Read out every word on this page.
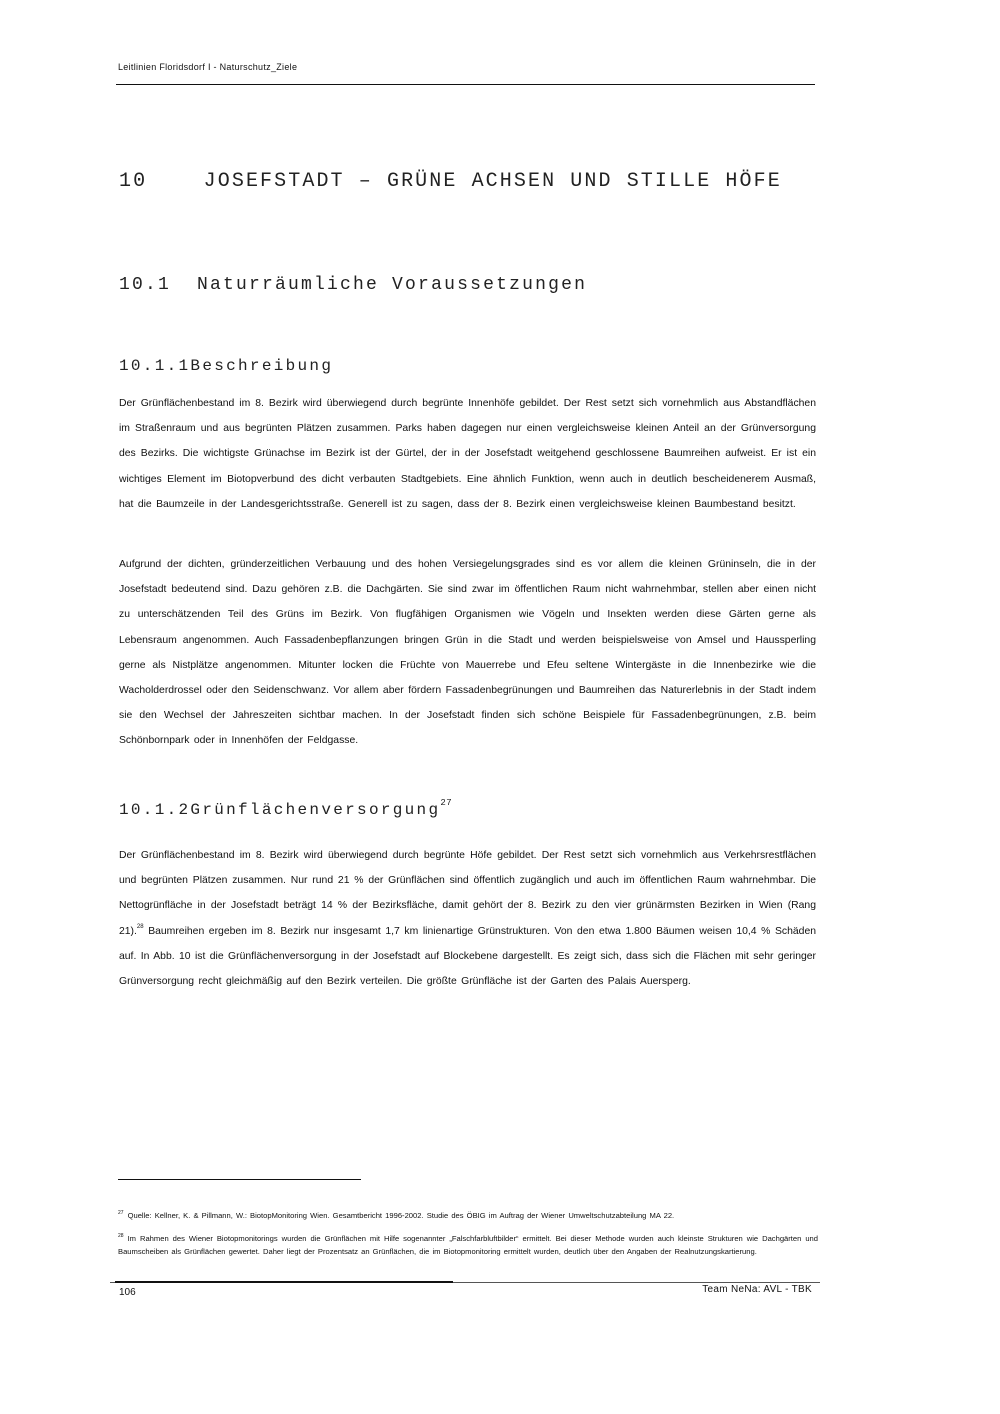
Leitlinien Floridsdorf I - Naturschutz_Ziele
10	JOSEFSTADT – GRÜNE ACHSEN UND STILLE HÖFE
10.1 Naturräumliche Voraussetzungen
10.1.1Beschreibung
Der Grünflächenbestand im 8. Bezirk wird überwiegend durch begrünte Innenhöfe gebildet. Der Rest setzt sich vornehmlich aus Abstandflächen im Straßenraum und aus begrünten Plätzen zusammen. Parks haben dagegen nur einen vergleichsweise kleinen Anteil an der Grünversorgung des Bezirks. Die wichtigste Grünachse im Bezirk ist der Gürtel, der in der Josefstadt weitgehend geschlossene Baumreihen aufweist. Er ist ein wichtiges Element im Biotopverbund des dicht verbauten Stadtgebiets. Eine ähnlich Funktion, wenn auch in deutlich bescheidenerem Ausmaß, hat die Baumzeile in der Landesgerichtsstraße. Generell ist zu sagen, dass der 8. Bezirk einen vergleichsweise kleinen Baumbestand besitzt.
Aufgrund der dichten, gründerzeitlichen Verbauung und des hohen Versiegelungsgrades sind es vor allem die kleinen Grüninseln, die in der Josefstadt bedeutend sind. Dazu gehören z.B. die Dachgärten. Sie sind zwar im öffentlichen Raum nicht wahrnehmbar, stellen aber einen nicht zu unterschätzenden Teil des Grüns im Bezirk. Von flugfähigen Organismen wie Vögeln und Insekten werden diese Gärten gerne als Lebensraum angenommen. Auch Fassadenbepflanzungen bringen Grün in die Stadt und werden beispielsweise von Amsel und Haussperling gerne als Nistplätze angenommen. Mitunter locken die Früchte von Mauerrebe und Efeu seltene Wintergäste in die Innenbezirke wie die Wacholderdrossel oder den Seidenschwanz. Vor allem aber fördern Fassadenbegrünungen und Baumreihen das Naturerlebnis in der Stadt indem sie den Wechsel der Jahreszeiten sichtbar machen. In der Josefstadt finden sich schöne Beispiele für Fassadenbegrünungen, z.B. beim Schönbornpark oder in Innenhöfen der Feldgasse.
10.1.2Grünflächenversorgung$^{27}$
Der Grünflächenbestand im 8. Bezirk wird überwiegend durch begrünte Höfe gebildet. Der Rest setzt sich vornehmlich aus Verkehrsrestflächen und begrünten Plätzen zusammen. Nur rund 21 % der Grünflächen sind öffentlich zugänglich und auch im öffentlichen Raum wahrnehmbar. Die Nettogrünfläche in der Josefstadt beträgt 14 % der Bezirksfläche, damit gehört der 8. Bezirk zu den vier grünärmsten Bezirken in Wien (Rang 21).$^{28}$ Baumreihen ergeben im 8. Bezirk nur insgesamt 1,7 km linienartige Grünstrukturen. Von den etwa 1.800 Bäumen weisen 10,4 % Schäden auf. In Abb. 10 ist die Grünflächenversorgung in der Josefstadt auf Blockebene dargestellt. Es zeigt sich, dass sich die Flächen mit sehr geringer Grünversorgung recht gleichmäßig auf den Bezirk verteilen. Die größte Grünfläche ist der Garten des Palais Auersperg.
$^{27}$ Quelle: Kellner, K. & Pillmann, W.: BiotopMonitoring Wien. Gesamtbericht 1996-2002. Studie des ÖBIG im Auftrag der Wiener Umweltschutzabteilung MA 22.
$^{28}$ Im Rahmen des Wiener Biotopmonitorings wurden die Grünflächen mit Hilfe sogenannter „Falschfarbluftbilder“ ermittelt. Bei dieser Methode wurden auch kleinste Strukturen wie Dachgärten und Baumscheiben als Grünflächen gewertet. Daher liegt der Prozentsatz an Grünflächen, die im Biotopmonitoring ermittelt wurden, deutlich über den Angaben der Realnutzungskartierung.
106	Team NeNa: AVL - TBK
